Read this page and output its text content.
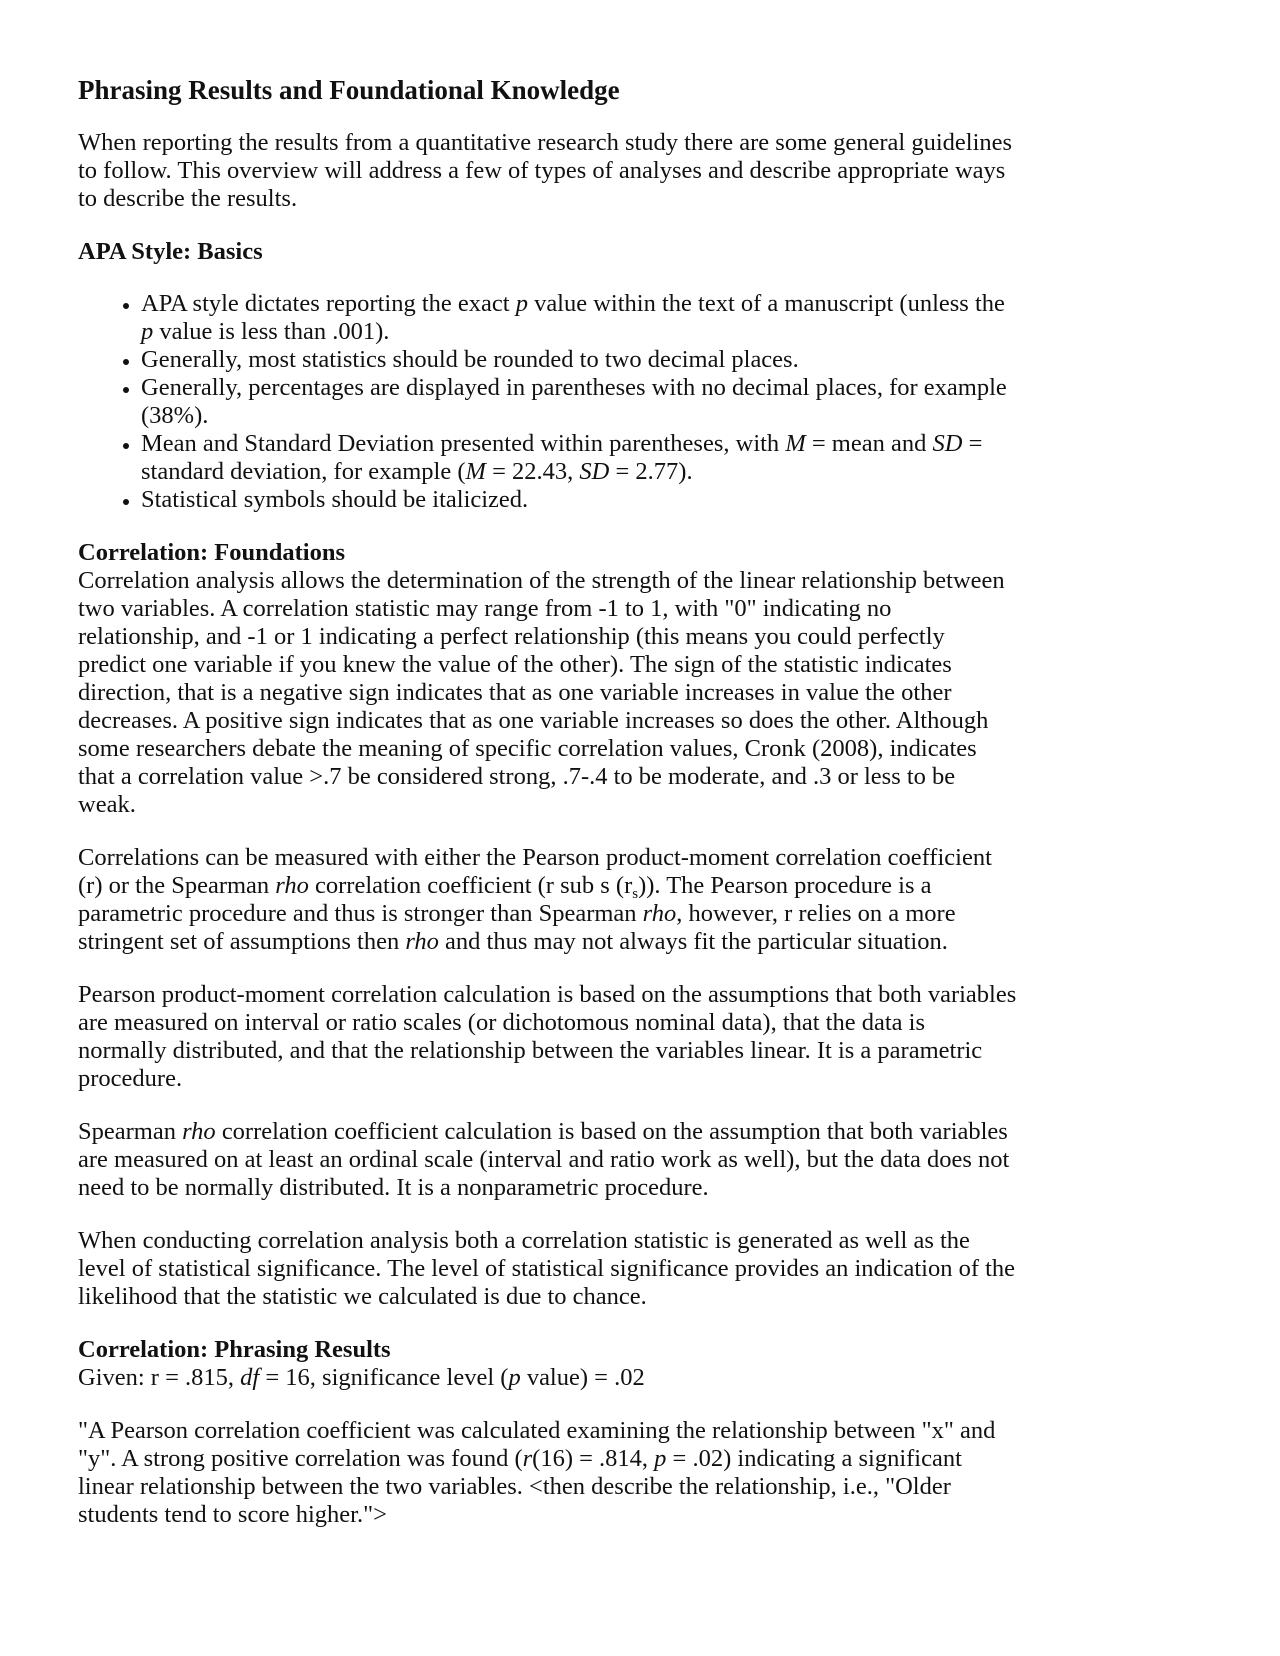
Phrasing Results and Foundational Knowledge

When reporting the results from a quantitative research study there are some general guidelines to follow. This overview will address a few of types of analyses and describe appropriate ways to describe the results.

APA Style: Basics
• APA style dictates reporting the exact p value within the text of a manuscript (unless the p value is less than .001).
• Generally, most statistics should be rounded to two decimal places.
• Generally, percentages are displayed in parentheses with no decimal places, for example (38%).
• Mean and Standard Deviation presented within parentheses, with M = mean and SD = standard deviation, for example (M = 22.43, SD = 2.77).
• Statistical symbols should be italicized.
Correlation: Foundations

Correlation analysis allows the determination of the strength of the linear relationship between two variables. A correlation statistic may range from -1 to 1, with "0" indicating no relationship, and -1 or 1 indicating a perfect relationship (this means you could perfectly predict one variable if you knew the value of the other). The sign of the statistic indicates direction, that is a negative sign indicates that as one variable increases in value the other decreases. A positive sign indicates that as one variable increases so does the other. Although some researchers debate the meaning of specific correlation values, Cronk (2008), indicates that a correlation value >.7 be considered strong, .7-.4 to be moderate, and .3 or less to be weak.

Correlations can be measured with either the Pearson product-moment correlation coefficient (r) or the Spearman rho correlation coefficient (r sub s $(r_s)$). The Pearson procedure is a parametric procedure and thus is stronger than Spearman rho, however, r relies on a more stringent set of assumptions then rho and thus may not always fit the particular situation.

Pearson product-moment correlation calculation is based on the assumptions that both variables are measured on interval or ratio scales (or dichotomous nominal data), that the data is normally distributed, and that the relationship between the variables linear. It is a parametric procedure.

Spearman rho correlation coefficient calculation is based on the assumption that both variables are measured on at least an ordinal scale (interval and ratio work as well), but the data does not need to be normally distributed. It is a nonparametric procedure.

When conducting correlation analysis both a correlation statistic is generated as well as the level of statistical significance. The level of statistical significance provides an indication of the likelihood that the statistic we calculated is due to chance.

Correlation: Phrasing Results

Given: r = .815, df = 16, significance level (p value) = .02

"A Pearson correlation coefficient was calculated examining the relationship between "x" and "y". A strong positive correlation was found (r(16) = .814, p = .02) indicating a significant linear relationship between the two variables. <then describe the relationship, i.e., "Older students tend to score higher.">
